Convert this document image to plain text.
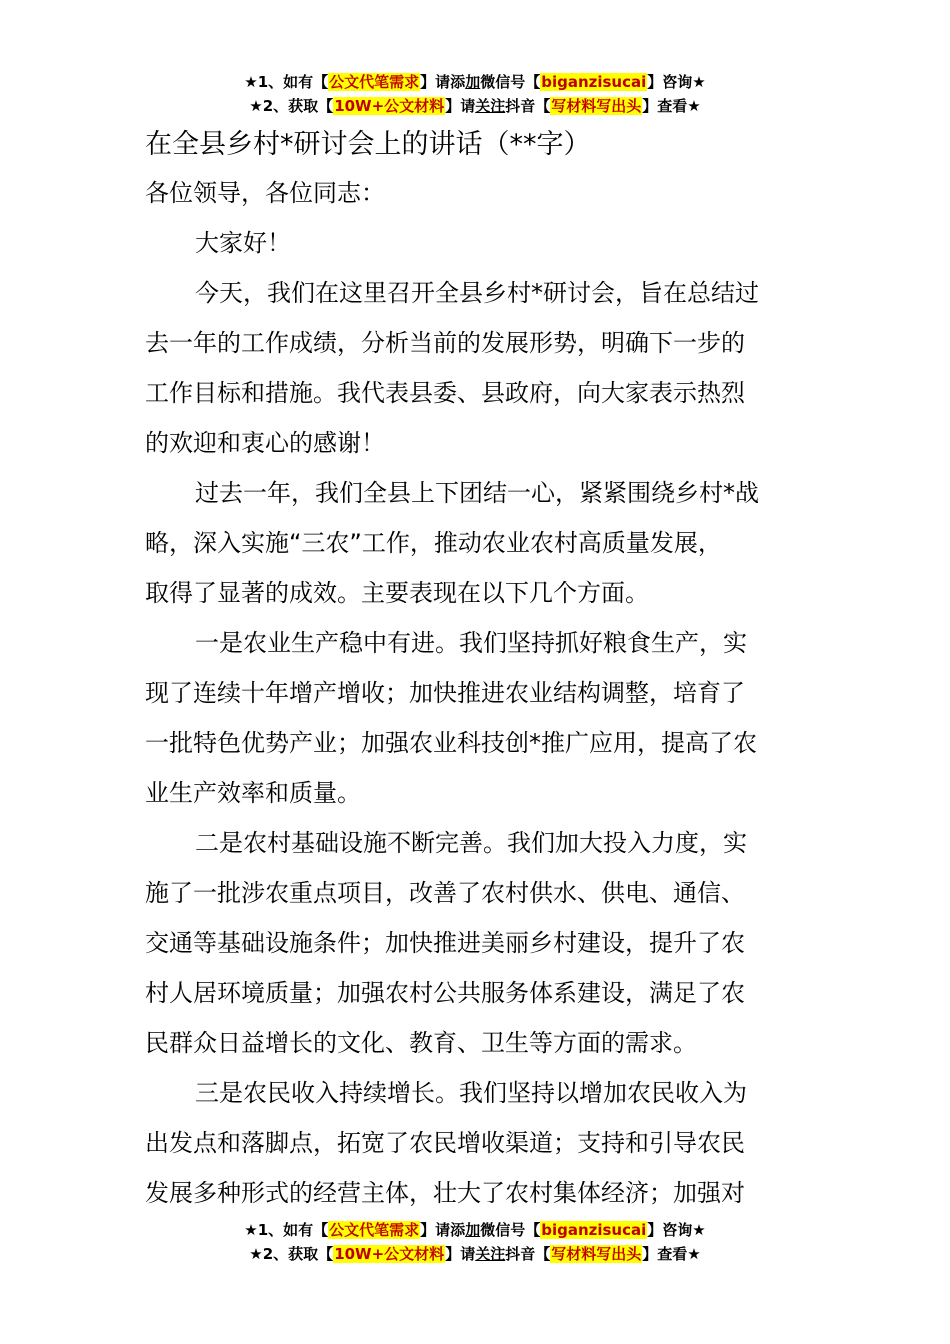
★1、如有【公文代笔需求】请添加微信号【biganzisucai】咨询★
★2、获取【10W+公文材料】请关注抖音【写材料写出头】查看★
在全县乡村*研讨会上的讲话（**字）

各位领导，各位同志：

大家好！

今天，我们在这里召开全县乡村*研讨会，旨在总结过
去一年的工作成绩，分析当前的发展形势，明确下一步的
工作目标和措施。我代表县委、县政府，向大家表示热烈
的欢迎和衷心的感谢！

过去一年，我们全县上下团结一心，紧紧围绕乡村*战
略，深入实施“三农”工作，推动农业农村高质量发展，
取得了显著的成效。主要表现在以下几个方面。

一是农业生产稳中有进。我们坚持抓好粮食生产，实
现了连续十年增产增收；加快推进农业结构调整，培育了
一批特色优势产业；加强农业科技创*推广应用，提高了农
业生产效率和质量。

二是农村基础设施不断完善。我们加大投入力度，实
施了一批涉农重点项目，改善了农村供水、供电、通信、
交通等基础设施条件；加快推进美丽乡村建设，提升了农
村人居环境质量；加强农村公共服务体系建设，满足了农
民群众日益增长的文化、教育、卫生等方面的需求。

三是农民收入持续增长。我们坚持以增加农民收入为
出发点和落脚点，拓宽了农民增收渠道；支持和引导农民
发展多种形式的经营主体，壮大了农村集体经济；加强对

★1、如有【公文代笔需求】请添加微信号【biganzisucai】咨询★
★2、获取【10W+公文材料】请关注抖音【写材料写出头】查看★
